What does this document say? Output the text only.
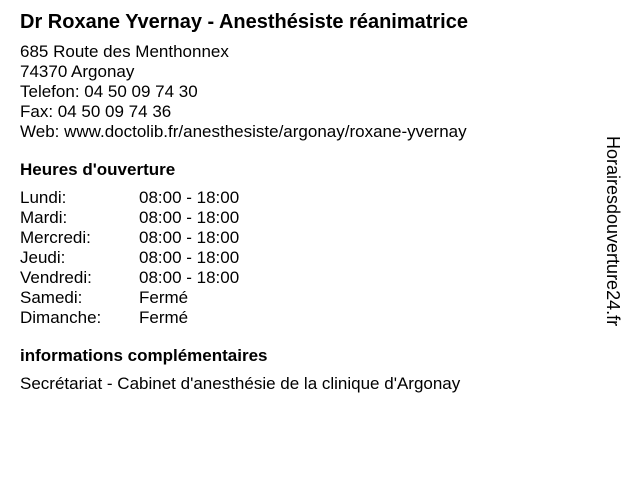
Dr Roxane Yvernay - Anesthésiste réanimatrice
685 Route des Menthonnex
74370 Argonay
Telefon: 04 50 09 74 30
Fax: 04 50 09 74 36
Web: www.doctolib.fr/anesthesiste/argonay/roxane-yvernay
Heures d'ouverture
Lundi:	08:00 - 18:00
Mardi:	08:00 - 18:00
Mercredi:	08:00 - 18:00
Jeudi:	08:00 - 18:00
Vendredi:	08:00 - 18:00
Samedi:	Fermé
Dimanche:	Fermé
informations complémentaires
Secrétariat - Cabinet d'anesthésie de la clinique d'Argonay
Horairesdouverture24.fr
